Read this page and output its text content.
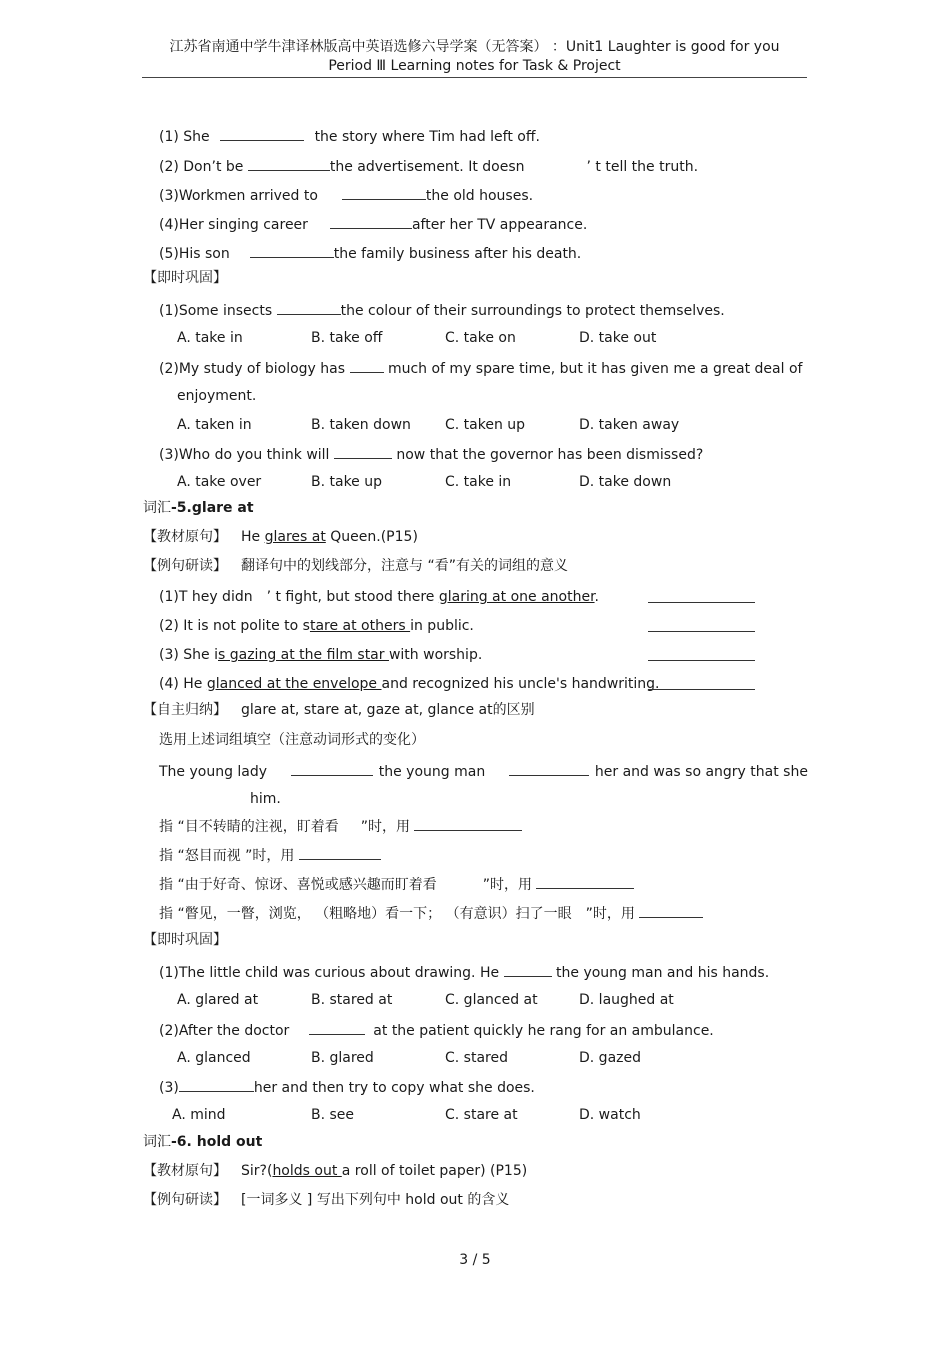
江苏省南通中学牛津译林版高中英语选修六导学案（无答案） ：Unit1 Laughter is good for you
Period Ⅲ Learning notes for Task & Project
(1) She	the story where Tim had left off.
(2) Don’t be	the advertisement. It doesn	’ t tell the truth.
(3)Workmen arrived to	the old houses.
(4)Her singing career	after her TV appearance.
(5)His son	the family business after his death.
【即时巩固】
(1)Some insects	the colour of their surroundings to protect themselves.
A. take in	B. take off	C. take on	D. take out
(2)My study of biology has	much of my spare time, but it has given me a great deal of
enjoyment.
A. taken in	B. taken down C. taken up	D. taken away
(3)Who do you think will	now that the governor has been dismissed?
A. take over	B. take up	C. take in	D. take down
词汇-5.glare at
【教材原句】 He glares at Queen.(P15)
【例句研读】 翻译句中的划线部分，注意与 “看”有关的词组的意义
(1)T hey didn ’ t fight, but stood there glaring at one another.
(2) It is not polite to stare at others in public.
(3) She is gazing at the film star with worship.
(4) He glanced at the envelope and recognized his uncle's handwriting.
【自主归纳】 glare at, stare at, gaze at, glance at的区别
选用上述词组填空（注意动词形式的变化）
The young lady	the young man	her and was so angry that she
him.
指 “目不转睛的注视，盯着看 ”时，用
指 “怒目而视 ”时，用
指 “由于好奇、惊讶、喜悦或感兴趣而盯着看	”时，用
指 “瞥见，一瞥，浏览， （粗略地）看一下； （有意识）扫了一眼 ”时，用
【即时巩固】
(1)The little child was curious about drawing. He	the young man and his hands.
A. glared at	B. stared at	C. glanced at	D. laughed at
(2)After the doctor	at the patient quickly he rang for an ambulance.
A. glanced	B. glared	C. stared	D. gazed
(3)	her and then try to copy what she does.
A. mind	B. see	C. stare at	D. watch
词汇-6. hold out
【教材原句】 Sir?(holds out a roll of toilet paper) (P15)
【例句研读】 [一词多义 ] 写出下列句中 hold out 的含义
3 / 5
